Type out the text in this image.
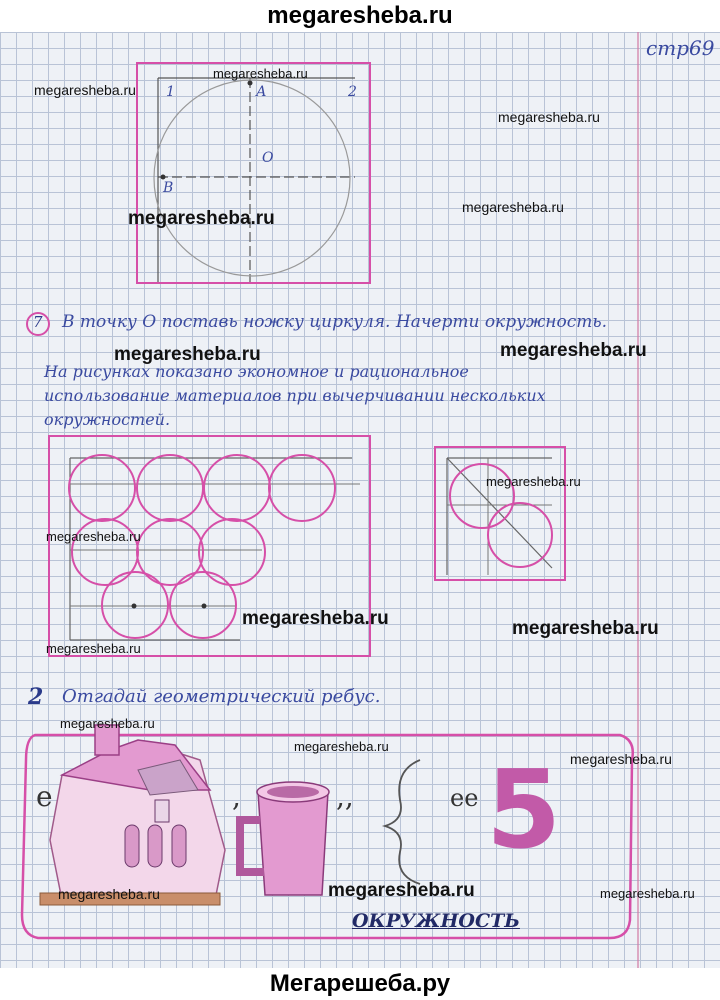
megaresheba.ru
стр69
e	,	,,	ee
1	2
А
О
В
7 В точку О поставь ножку циркуля. Начерти окружность.
На рисунках показано экономное и рациональное
использование материалов при вычерчивании нескольких
окружностей.
2 Отгадай геометрический ребус.
5
ОКРУЖНОСТЬ
megaresheba.ru
megaresheba.ru
megaresheba.ru
megaresheba.ru
megaresheba.ru
megaresheba.ru	megaresheba.ru
megaresheba.ru
megaresheba.ru
megaresheba.ru	megaresheba.ru
megaresheba.ru
megaresheba.ru
megaresheba.ru
megaresheba.ru
megaresheba.ru	megaresheba.ru	megaresheba.ru
Мегарешеба.ру
